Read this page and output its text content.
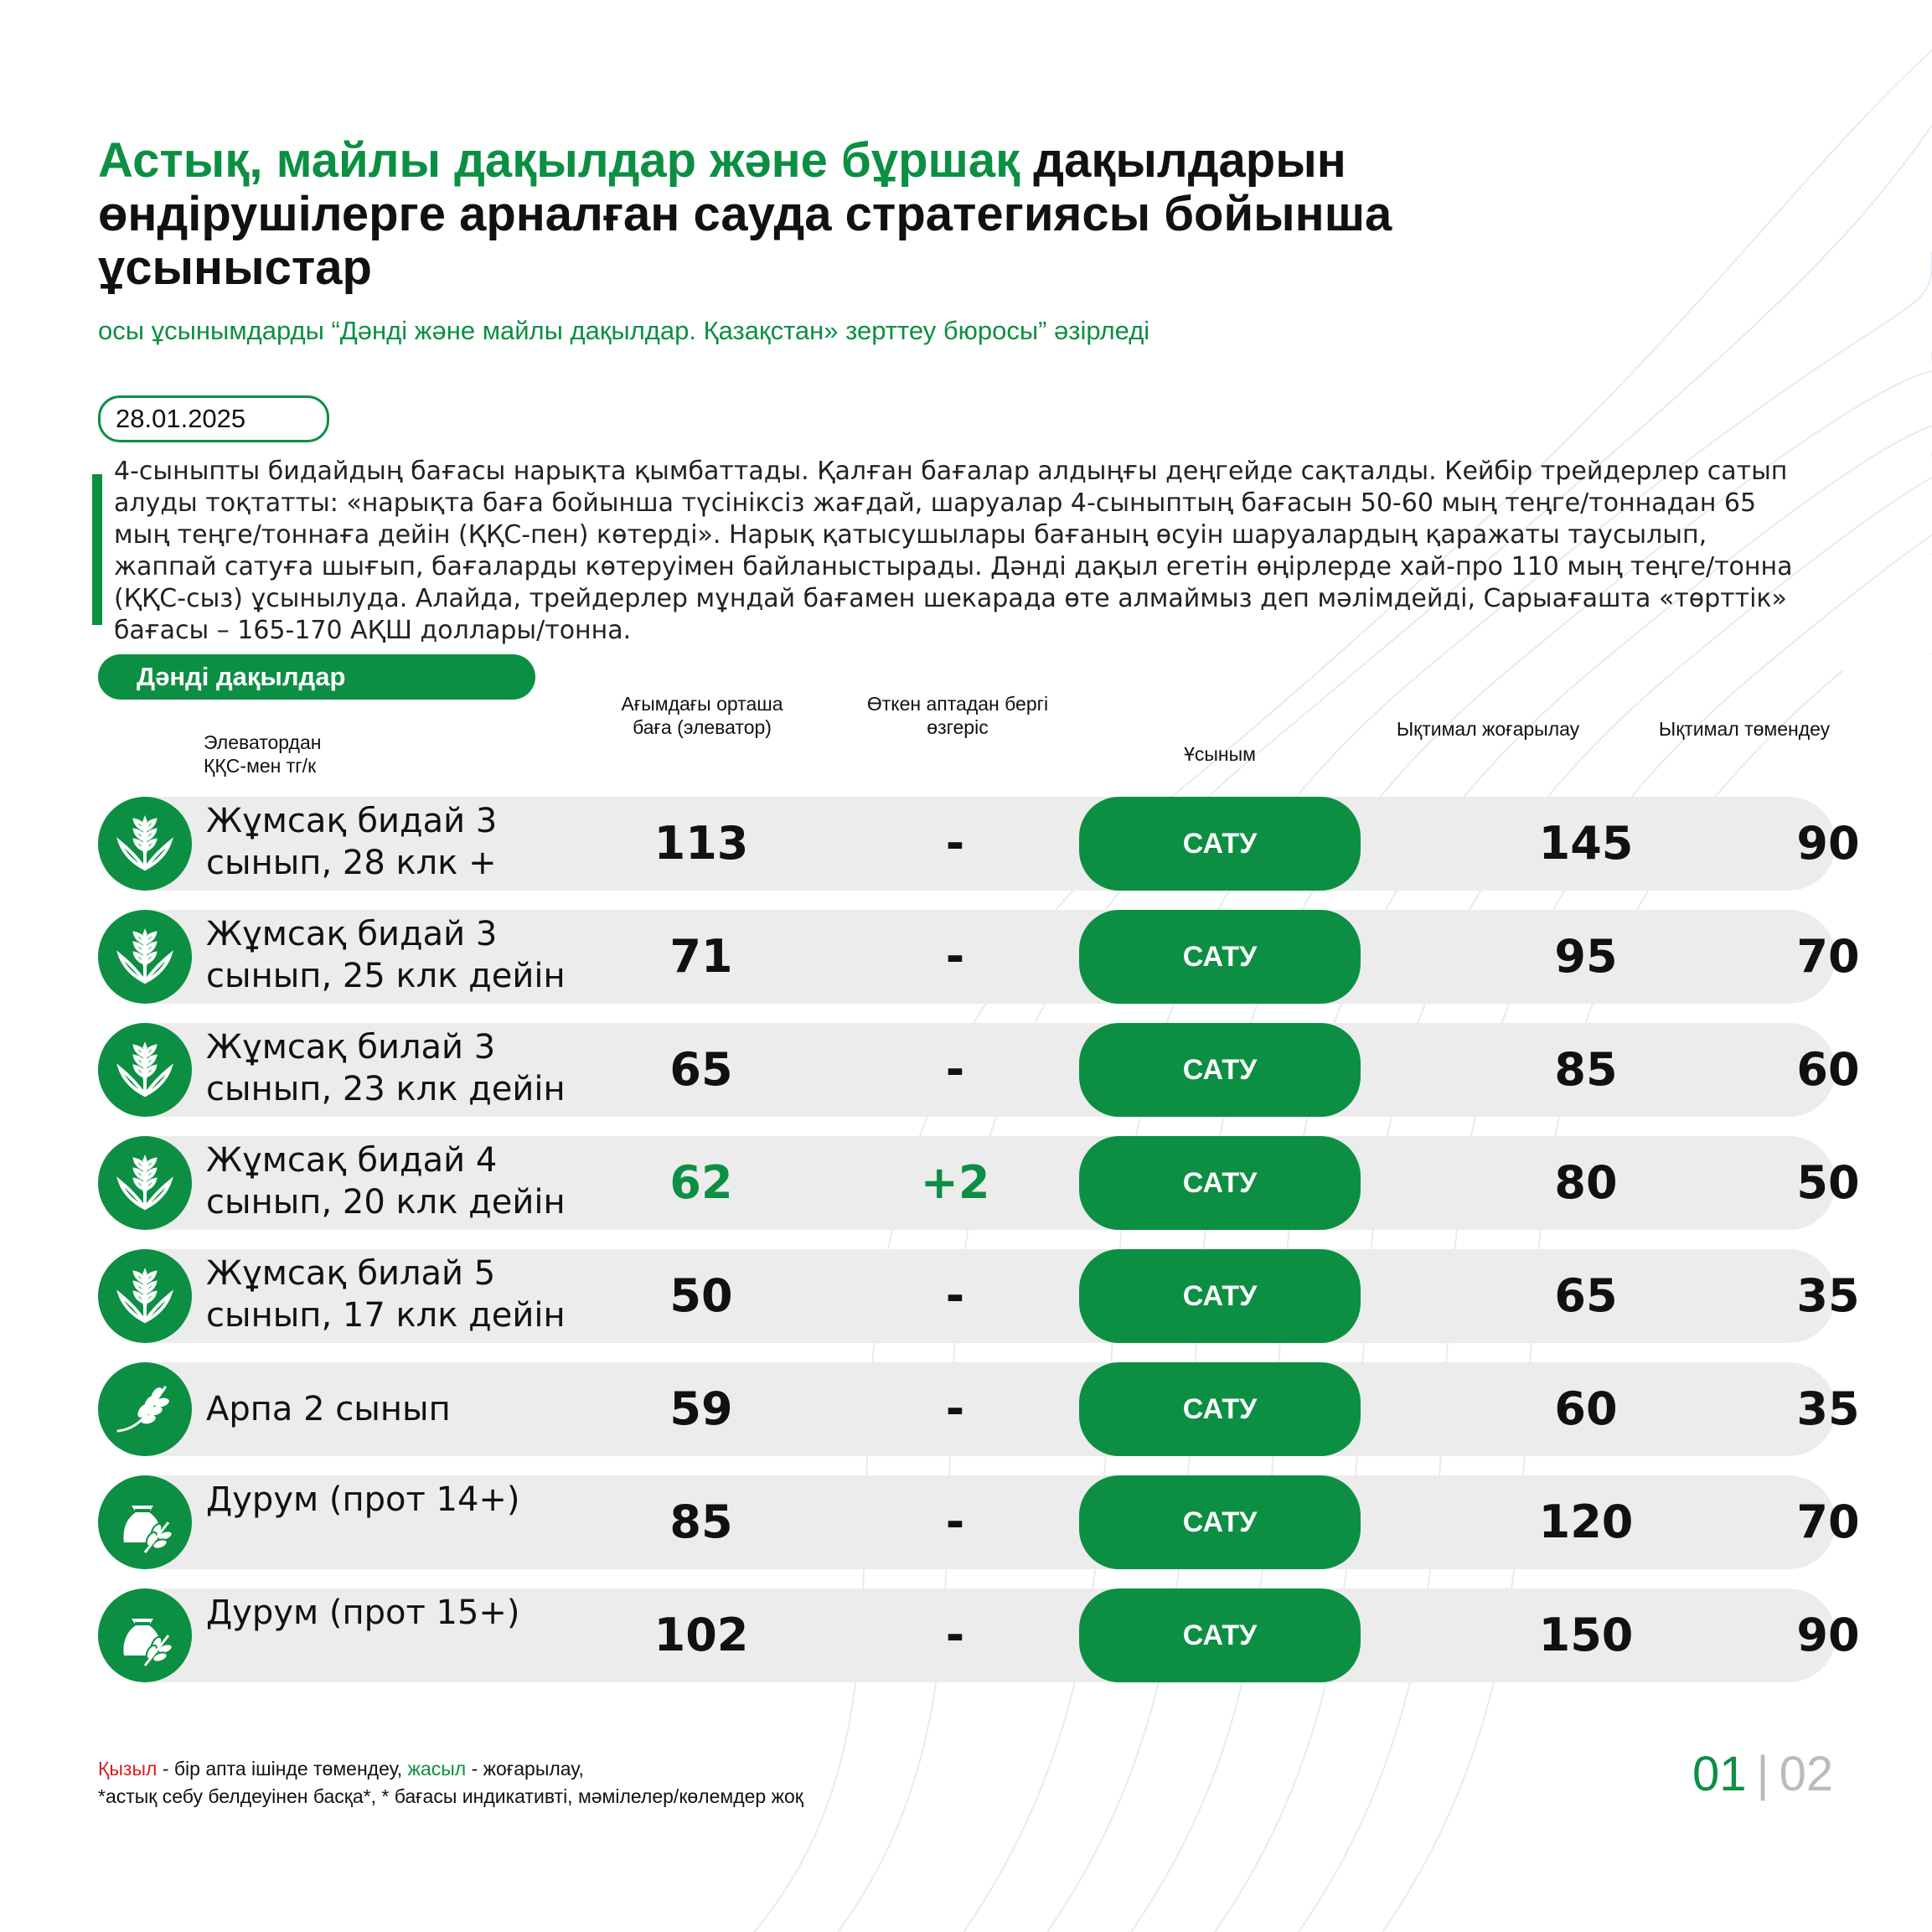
Астық, майлы дақылдар және бұршақ дақылдарын өндірушілерге арналған сауда стратегиясы бойынша ұсыныстар
осы ұсынымдарды “Дәнді және майлы дақылдар. Қазақстан» зерттеу бюросы” әзірледі
28.01.2025
4-сыныпты бидайдың бағасы нарықта қымбаттады. Қалған бағалар алдыңғы деңгейде сақталды. Кейбір трейдерлер сатып алуды тоқтатты: «нарықта баға бойынша түсініксіз жағдай, шаруалар 4-сыныптың бағасын 50-60 мың теңге/тоннадан 65 мың теңге/тоннаға дейін (ҚҚС-пен) көтерді». Нарық қатысушылары бағаның өсуін шаруалардың қаражаты таусылып, жаппай сатуға шығып, бағаларды көтеруімен байланыстырады. Дәнді дақыл егетін өңірлерде хай-про 110 мың теңге/тонна (ҚҚС-сыз) ұсынылуда. Алайда, трейдерлер мұндай бағамен шекарада өте алмаймыз деп мәлімдейді, Сарыағашта «төрттік» бағасы – 165-170 АҚШ доллары/тонна.
Дәнді дақылдар
Элеватордан
ҚҚС-мен тг/к
Ағымдағы орташа
баға (элеватор)
Өткен аптадан бергі
өзгеріс
Ұсыным
Ықтимал жоғарылау	Ықтимал төмендеу
Жұмсақ бидай 3 сынып, 28 клк +	113	-	САТУ	145	90
Жұмсақ бидай 3 сынып, 25 клк дейін	71	-	САТУ	95	70
Жұмсақ билай 3 сынып, 23 клк дейін	65	-	САТУ	85	60
Жұмсақ бидай 4 сынып, 20 клк дейін	62	+2	САТУ	80	50
Жұмсақ билай 5 сынып, 17 клк дейін	50	-	САТУ	65	35
Арпа 2 сынып	59	-	САТУ	60	35
Дурум (прот 14+)	85	-	САТУ	120	70
Дурум (прот 15+)	102	-	САТУ	150	90
Қызыл - бір апта ішінде төмендеу, жасыл - жоғарылау,
*астық себу белдеуінен басқа*, * бағасы индикативті, мәмілелер/көлемдер жоқ	01 | 02
